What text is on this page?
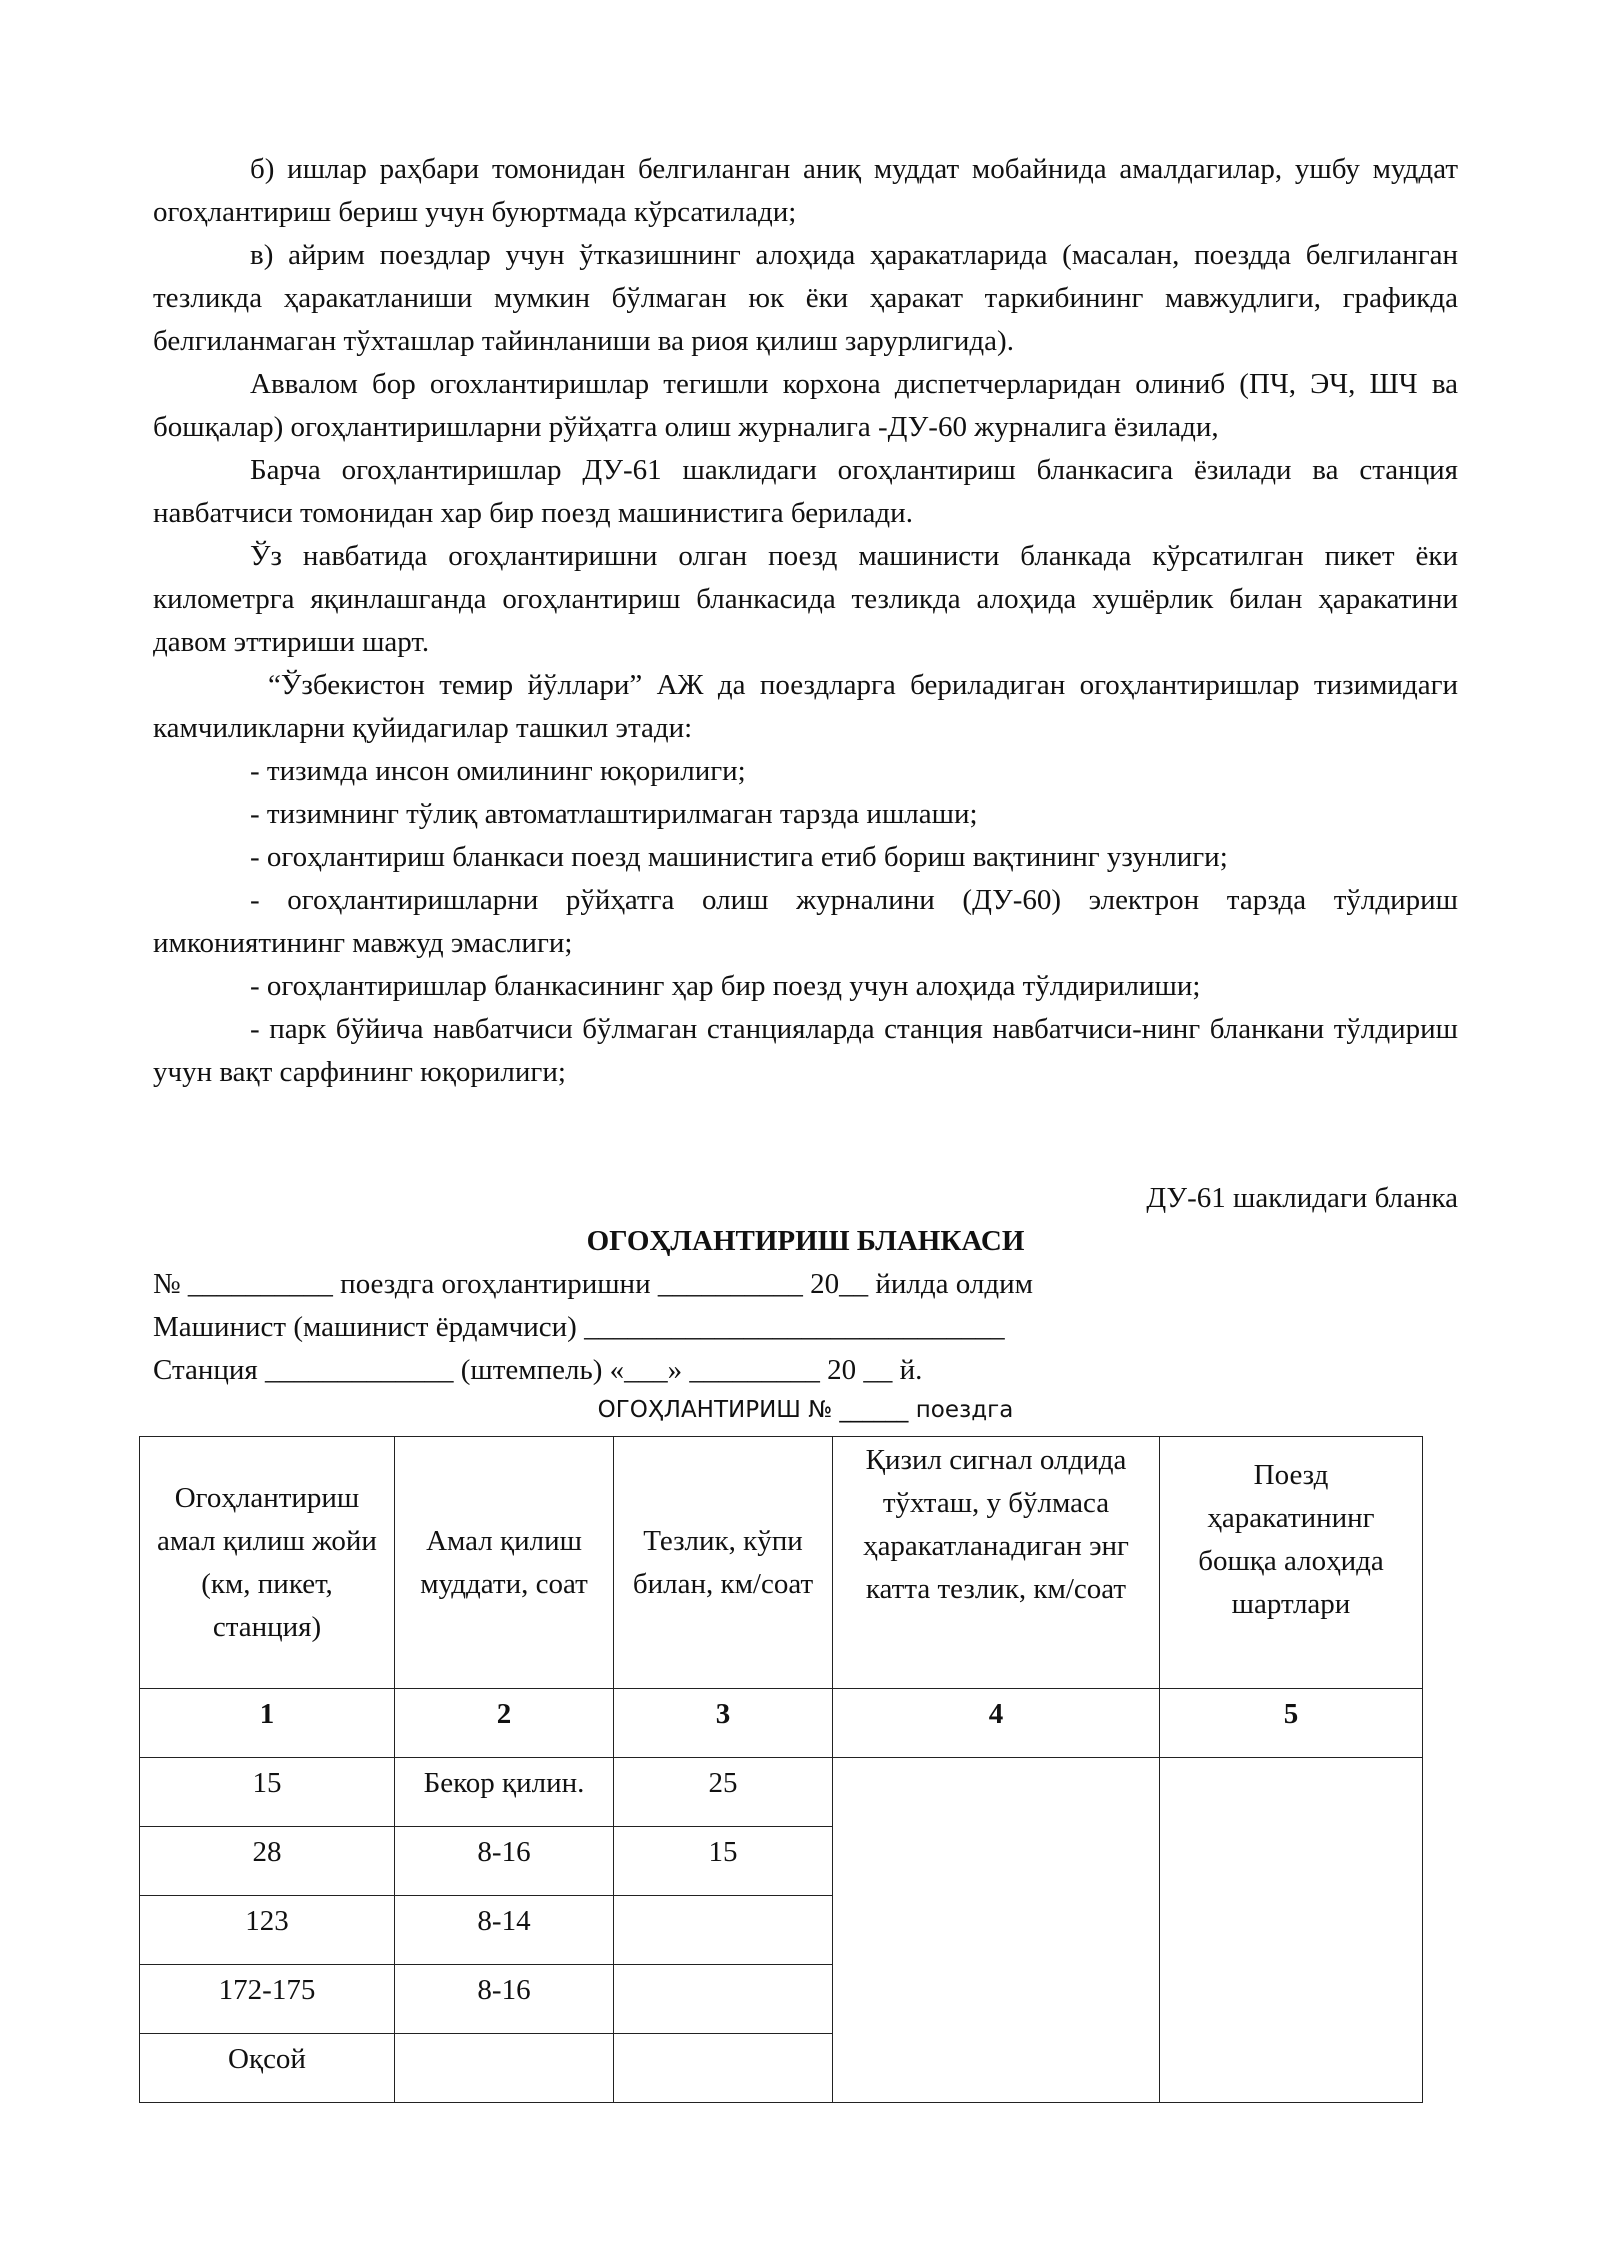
б) ишлар раҳбари томонидан белгиланган аниқ муддат мобайнида амалдагилар, ушбу муддат огоҳлантириш бериш учун буюртмада кўрсатилади;

в) айрим поездлар учун ўтказишнинг алоҳида ҳаракатларида (масалан, поездда белгиланган тезликда ҳаракатланиши мумкин бўлмаган юк ёки ҳаракат таркибининг мавжудлиги, графикда белгиланмаган тўхташлар тайинланиши ва риоя қилиш зарурлигида).

Аввалом бор огохлантиришлар тегишли корхона диспетчерларидан олиниб (ПЧ, ЭЧ, ШЧ ва бошқалар) огоҳлантиришларни рўйҳатга олиш журналига -ДУ-60 журналига ёзилади,

Барча огоҳлантиришлар ДУ-61 шаклидаги огоҳлантириш бланкасига ёзилади ва станция навбатчиси томонидан хар бир поезд машинистига берилади.

Ўз навбатида огоҳлантиришни олган поезд машинисти бланкада кўрсатилган пикет ёки километрга яқинлашганда огоҳлантириш бланкасида тезликда алоҳида хушёрлик билан ҳаракатини давом эттириши шарт.

“Ўзбекистон темир йўллари” АЖ да поездларга бериладиган огоҳлантиришлар тизимидаги камчиликларни қуйидагилар ташкил этади:

- тизимда инсон омилининг юқорилиги;

- тизимнинг тўлиқ автоматлаштирилмаган тарзда ишлаши;

- огоҳлантириш бланкаси поезд машинистига етиб бориш вақтининг узунлиги;

- огоҳлантиришларни рўйҳатга олиш журналини (ДУ-60) электрон тарзда тўлдириш имкониятининг мавжуд эмаслиги;

- огоҳлантиришлар бланкасининг ҳар бир поезд учун алоҳида тўлдирилиши;

- парк бўйича навбатчиси бўлмаган станцияларда станция навбатчиси-нинг бланкани тўлдириш учун вақт сарфининг юқорилиги;

ДУ-61 шаклидаги бланка
ОГОҲЛАНТИРИШ БЛАНКАСИ
№ __________ поездга огоҳлантиришни __________ 20__ йилда олдим
Машинист (машинист ёрдамчиси) _____________________________
Станция _____________ (штемпель) «___» _________ 20 __ й.
ОГОҲЛАНТИРИШ № ______ поездга
Огоҳлантириш амал қилиш жойи (км, пикет, станция)	Амал қилиш муддати, соат	Тезлик, кўпи билан, км/соат	Қизил сигнал олдида тўхташ, у бўлмаса ҳаракатланадиган энг катта тезлик, км/соат	Поезд ҳаракатининг бошқа алоҳида шартлари
1	2	3	4	5
15	Бекор қилин.	25		
28	8-16	15		
123	8-14			
172-175	8-16			
Оқсой				
